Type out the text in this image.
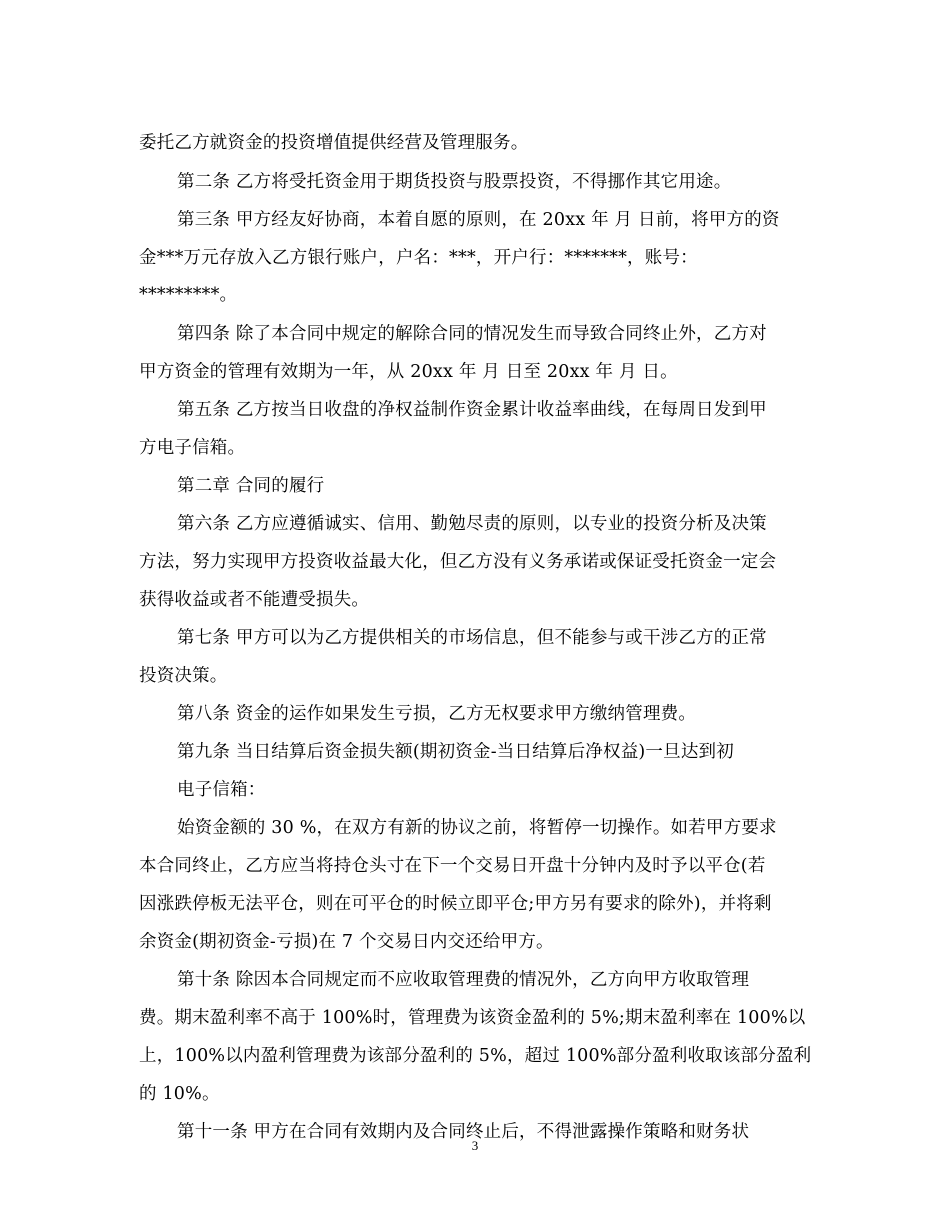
委托乙方就资金的投资增值提供经营及管理服务。
第二条 乙方将受托资金用于期货投资与股票投资，不得挪作其它用途。
第三条 甲方经友好协商，本着自愿的原则，在 20xx 年 月 日前，将甲方的资
金***万元存放入乙方银行账户，户名：***，开户行：*******，账号：
*********。
第四条 除了本合同中规定的解除合同的情况发生而导致合同终止外，乙方对
甲方资金的管理有效期为一年，从 20xx 年 月 日至 20xx 年 月 日。
第五条 乙方按当日收盘的净权益制作资金累计收益率曲线，在每周日发到甲
方电子信箱。
第二章 合同的履行
第六条 乙方应遵循诚实、信用、勤勉尽责的原则，以专业的投资分析及决策
方法，努力实现甲方投资收益最大化，但乙方没有义务承诺或保证受托资金一定会
获得收益或者不能遭受损失。
第七条 甲方可以为乙方提供相关的市场信息，但不能参与或干涉乙方的正常
投资决策。
第八条 资金的运作如果发生亏损，乙方无权要求甲方缴纳管理费。
第九条 当日结算后资金损失额(期初资金-当日结算后净权益)一旦达到初
电子信箱：
始资金额的 30 %，在双方有新的协议之前，将暂停一切操作。如若甲方要求
本合同终止，乙方应当将持仓头寸在下一个交易日开盘十分钟内及时予以平仓(若
因涨跌停板无法平仓，则在可平仓的时候立即平仓;甲方另有要求的除外)，并将剩
余资金(期初资金-亏损)在 7 个交易日内交还给甲方。
第十条 除因本合同规定而不应收取管理费的情况外，乙方向甲方收取管理
费。期末盈利率不高于 100%时，管理费为该资金盈利的 5%;期末盈利率在 100%以
上，100%以内盈利管理费为该部分盈利的 5%，超过 100%部分盈利收取该部分盈利
的 10%。
第十一条 甲方在合同有效期内及合同终止后，不得泄露操作策略和财务状
3
